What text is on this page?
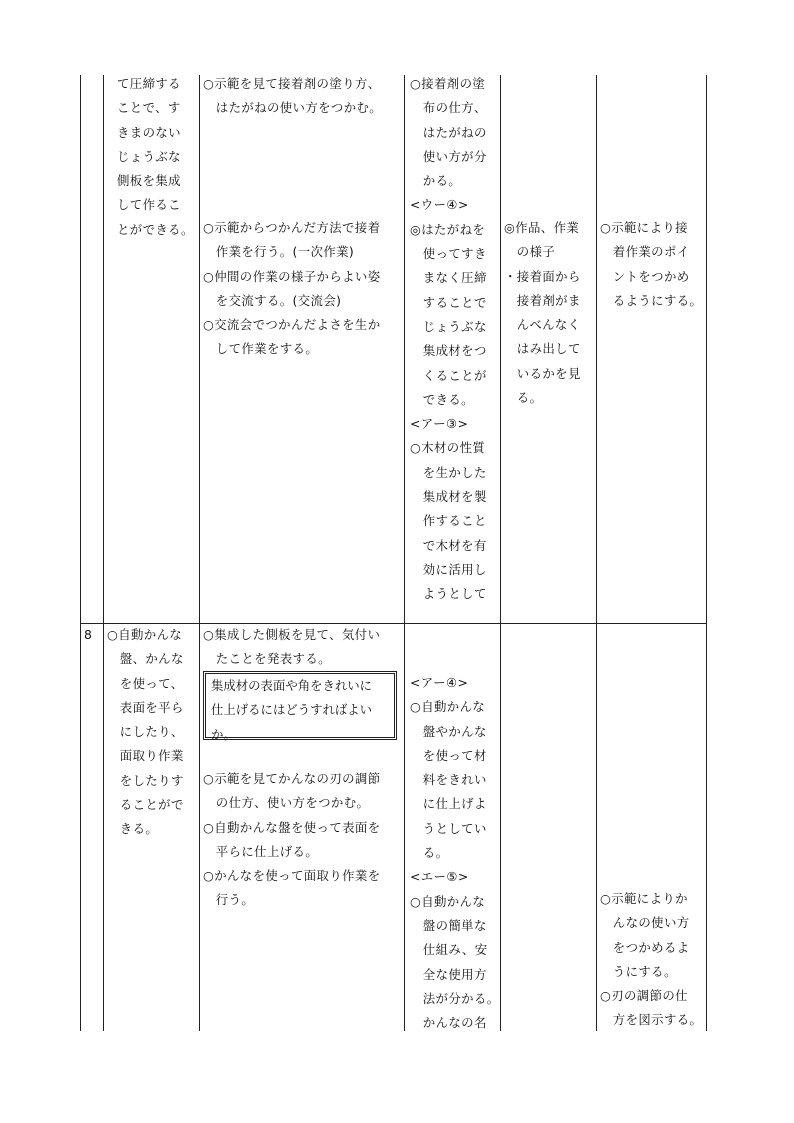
て圧締する
ことで、す
きまのない
じょうぶな
側板を集成
して作るこ
とができる。
○示範を見て接着剤の塗り方、
　はたがねの使い方をつかむ。
○示範からつかんだ方法で接着
　作業を行う。(一次作業)
○仲間の作業の様子からよい姿
　を交流する。(交流会)
○交流会でつかんだよさを生か
　して作業をする。
○接着剤の塗
　布の仕方、
　はたがねの
　使い方が分
　かる。
<ウー④>
◎はたがねを
　使ってすき
　まなく圧締
　することで
　じょうぶな
　集成材をつ
　くることが
　できる。
<アー③>
○木材の性質
　を生かした
　集成材を製
　作すること
　で木材を有
　効に活用し
　ようとして
◎作品、作業
　の様子
・接着面から
　接着剤がま
　んべんなく
　はみ出して
　いるかを見
　る。
○示範により接
　着作業のポイ
　ントをつかめ
　るようにする。
8 ○自動かんな
　盤、かんな
　を使って、
　表面を平ら
　にしたり、
　面取り作業
　をしたりす
　ることがで
　きる。
○集成した側板を見て、気付い
　たことを発表する。
集成材の表面や角をきれいに
仕上げるにはどうすればよい
か。
○示範を見てかんなの刃の調節
　の仕方、使い方をつかむ。
○自動かんな盤を使って表面を
　平らに仕上げる。
○かんなを使って面取り作業を
　行う。
<アー④>
○自動かんな
　盤やかんな
　を使って材
　料をきれい
　に仕上げよ
　うとしてい
　る。
<エー⑤>
○自動かんな
　盤の簡単な
　仕組み、安
　全な使用方
　法が分かる。
　かんなの名
○示範によりか
　んなの使い方
　をつかめるよ
　うにする。
○刃の調節の仕
　方を図示する。
